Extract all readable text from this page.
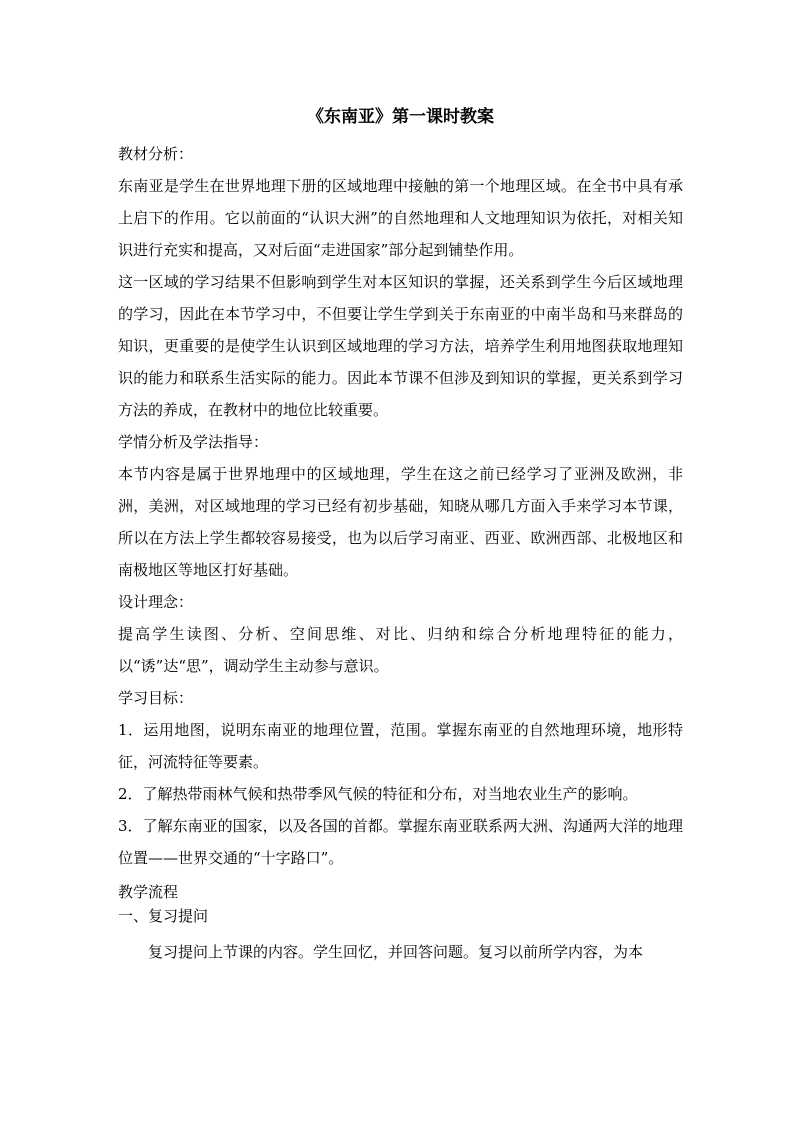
《东南亚》第一课时教案

教材分析：

东南亚是学生在世界地理下册的区域地理中接触的第一个地理区域。在全书中具有承上启下的作用。它以前面的“认识大洲”的自然地理和人文地理知识为依托，对相关知识进行充实和提高，又对后面“走进国家”部分起到铺垫作用。

这一区域的学习结果不但影响到学生对本区知识的掌握，还关系到学生今后区域地理的学习，因此在本节学习中，不但要让学生学到关于东南亚的中南半岛和马来群岛的知识，更重要的是使学生认识到区域地理的学习方法，培养学生利用地图获取地理知识的能力和联系生活实际的能力。因此本节课不但涉及到知识的掌握，更关系到学习方法的养成，在教材中的地位比较重要。

学情分析及学法指导：

本节内容是属于世界地理中的区域地理，学生在这之前已经学习了亚洲及欧洲，非洲，美洲，对区域地理的学习已经有初步基础，知晓从哪几方面入手来学习本节课，所以在方法上学生都较容易接受，也为以后学习南亚、西亚、欧洲西部、北极地区和南极地区等地区打好基础。

设计理念：

提高学生读图、分析、空间思维、对比、归纳和综合分析地理特征的能力，以“诱”达“思”，调动学生主动参与意识。

学习目标：

1．运用地图，说明东南亚的地理位置，范围。掌握东南亚的自然地理环境，地形特征，河流特征等要素。

2．了解热带雨林气候和热带季风气候的特征和分布，对当地农业生产的影响。

3．了解东南亚的国家，以及各国的首都。掌握东南亚联系两大洲、沟通两大洋的地理位置——世界交通的“十字路口”。

教学流程

一、复习提问

复习提问上节课的内容。学生回忆，并回答问题。复习以前所学内容，为本
